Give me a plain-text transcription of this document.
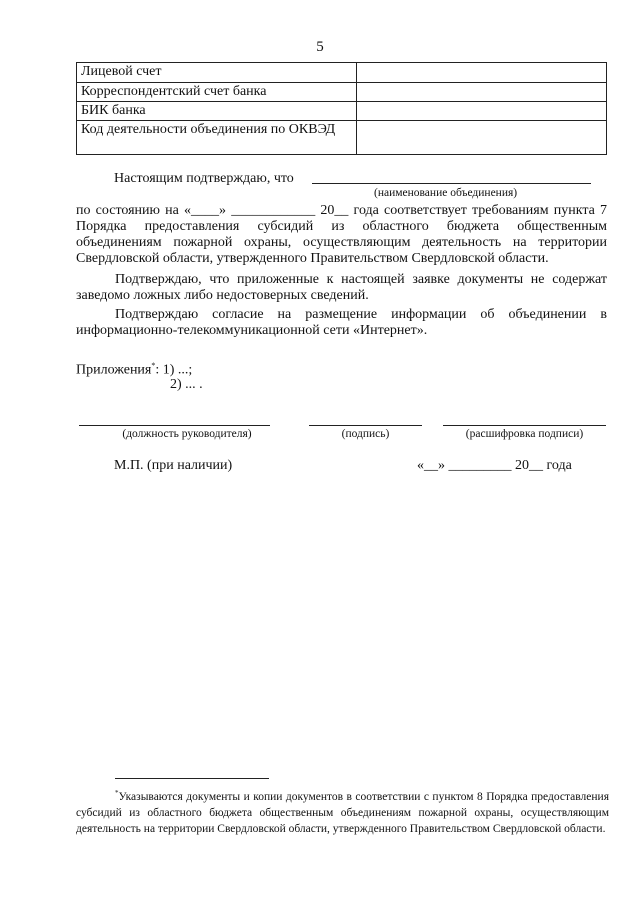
5
Лицевой счет	
Корреспондентский счет банка	
БИК банка	
Код деятельности объединения по ОКВЭД	
Настоящим подтверждаю, что
(наименование объединения)
по состоянию на «____» ____________ 20__ года соответствует требованиям пункта 7 Порядка предоставления субсидий из областного бюджета общественным объединениям пожарной охраны, осуществляющим деятельность на территории Свердловской области, утвержденного Правительством Свердловской области.
Подтверждаю, что приложенные к настоящей заявке документы не содержат заведомо ложных либо недостоверных сведений.
Подтверждаю согласие на размещение информации об объединении в информационно-телекоммуникационной сети «Интернет».
Приложения*: 1) ...;
2) ... .
(должность руководителя)	(подпись)	(расшифровка подписи)
М.П. (при наличии)	«__» _________ 20__ года
*Указываются документы и копии документов в соответствии с пунктом 8 Порядка предоставления субсидий из областного бюджета общественным объединениям пожарной охраны, осуществляющим деятельность на территории Свердловской области, утвержденного Правительством Свердловской области.
